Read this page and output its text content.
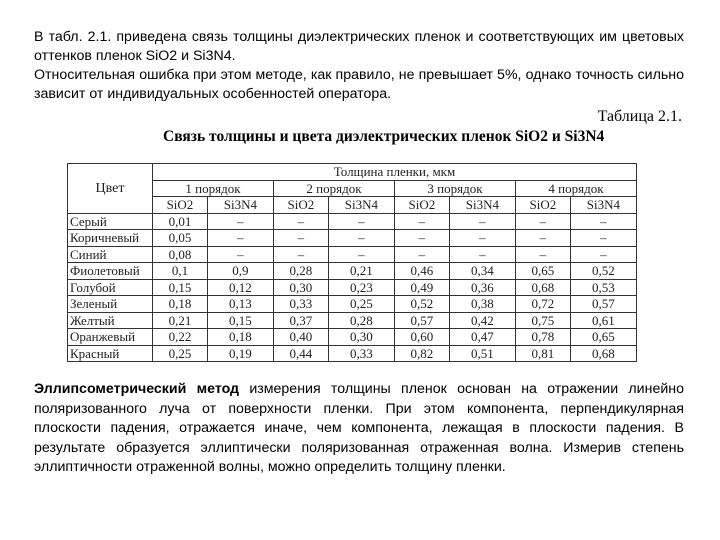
В табл. 2.1. приведена связь толщины диэлектрических пленок и соответствующих им цветовых оттенков пленок SiO2 и Si3N4.
Относительная ошибка при этом методе, как правило, не превышает 5%, однако точность сильно зависит от индивидуальных особенностей оператора.
Таблица 2.1.
Связь толщины и цвета диэлектрических пленок SiO2 и Si3N4
Цвет	Толщина пленки, мкм							
	1 порядок		2 порядок		3 порядок		4 порядок	
	SiO2	Si3N4	SiO2	Si3N4	SiO2	Si3N4	SiO2	Si3N4
Серый	0,01	–	–	–	–	–	–	–
Коричневый	0,05	–	–	–	–	–	–	–
Синий	0,08	–	–	–	–	–	–	–
Фиолетовый	0,1	0,9	0,28	0,21	0,46	0,34	0,65	0,52
Голубой	0,15	0,12	0,30	0,23	0,49	0,36	0,68	0,53
Зеленый	0,18	0,13	0,33	0,25	0,52	0,38	0,72	0,57
Желтый	0,21	0,15	0,37	0,28	0,57	0,42	0,75	0,61
Оранжевый	0,22	0,18	0,40	0,30	0,60	0,47	0,78	0,65
Красный	0,25	0,19	0,44	0,33	0,82	0,51	0,81	0,68
Эллипсометрический метод измерения толщины пленок основан на отражении линейно поляризованного луча от поверхности пленки. При этом компонента, перпендикулярная плоскости падения, отражается иначе, чем компонента, лежащая в плоскости падения. В результате образуется эллиптически поляризованная отраженная волна. Измерив степень эллиптичности отраженной волны, можно определить толщину пленки.
